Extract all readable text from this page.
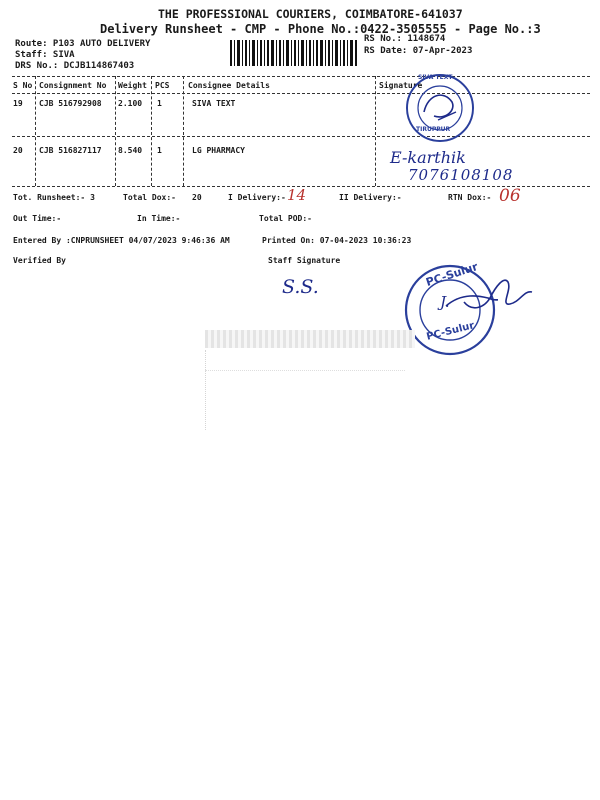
THE PROFESSIONAL COURIERS, COIMBATORE-641037
Delivery Runsheet - CMP - Phone No.:0422-3505555 - Page No.:3
Route: P103 AUTO DELIVERY
Staff: SIVA
DRS No.: DCJB114867403
RS No.: 1148674
RS Date: 07-Apr-2023
S No Consignment No Weight PCS Consignee Details	Signature
19 CJB 516792908 2.100 1	SIVA TEXT
20 CJB 516827117 8.540 1	LG PHARMACY
SIVA TEXT
TIRUPPUR
E-karthik
7076108108
Tot. Runsheet:- 3	Total Dox:- 20	I Delivery:- 14	II Delivery:-	RTN Dox:- 06
Out Time:-	In Time:-	Total POD:-
Entered By :CNPRUNSHEET 04/07/2023 9:46:36 AM	Printed On: 07-04-2023 10:36:23
Verified By	Staff Signature
S.S.	PC-Sulur
PC-Sulur
J.
